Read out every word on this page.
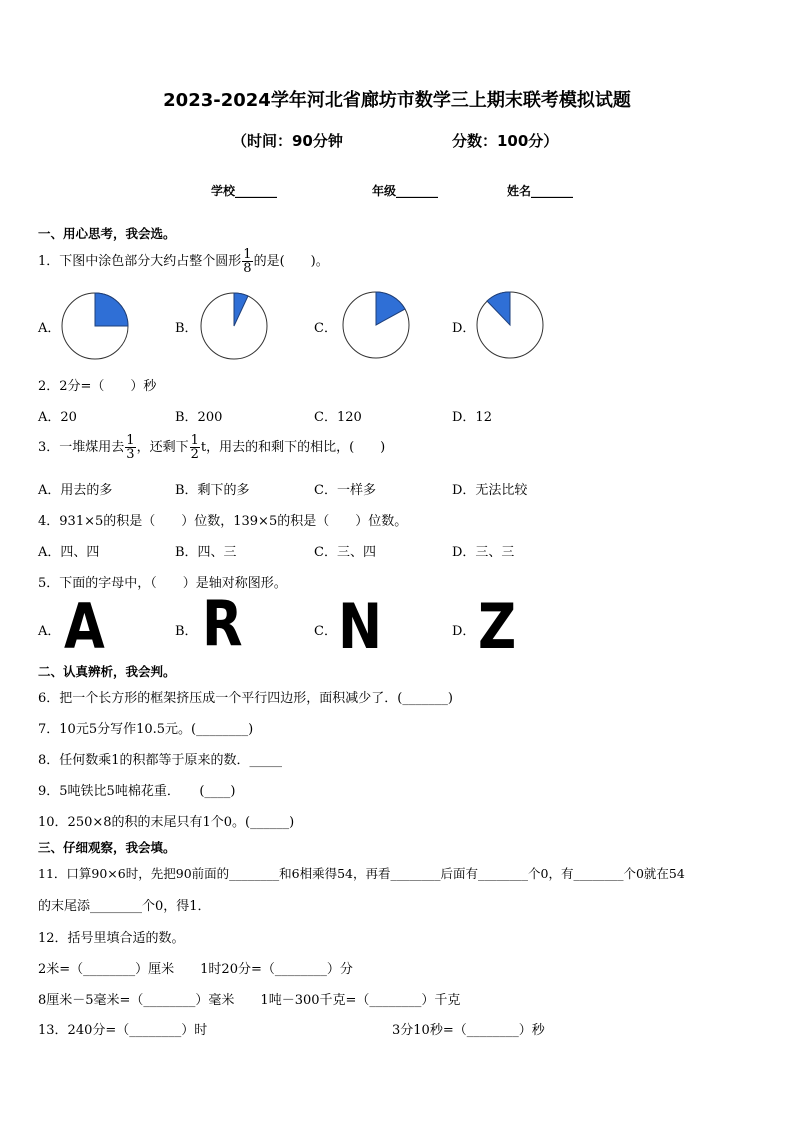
2023-2024学年河北省廊坊市数学三上期末联考模拟试题
（时间：90分钟	分数：100分）
学校_______	年级_______	姓名_______
一、用心思考，我会选。
1．下图中涂色部分大约占整个圆形 $\frac{1}{8}$ 的是(　　)。
A．	B．	C．	D．
2．2分=（　　）秒
A．20	B．200	C．120	D．12
3．一堆煤用去 $\frac{1}{3}$ ，还剩下 $\frac{1}{2}$ t，用去的和剩下的相比，(　　)
A．用去的多	B．剩下的多	C．一样多	D．无法比较
4．931×5的积是（　　）位数，139×5的积是（　　）位数。
A．四、四	B．四、三	C．三、四	D．三、三
5．下面的字母中，（　　）是轴对称图形。
A．	B．	C．	D．
A R N Z
二、认真辨析，我会判。
6．把一个长方形的框架挤压成一个平行四边形，面积减少了．(_______)
7．10元5分写作10.5元。(________)
8．任何数乘1的积都等于原来的数．_____
9．5吨铁比5吨棉花重．　　(____)
10．250×8的积的末尾只有1个0。(______)
三、仔细观察，我会填。
11．口算90×6时，先把90前面的________和6相乘得54，再看________后面有________个0，有________个0就在54
的末尾添________个0，得1．
12．括号里填合适的数。
2米=（________）厘米　　1时20分=（________）分
8厘米－5毫米=（________）毫米　　1吨－300千克=（________）千克
13．240分=（________）时	3分10秒=（________）秒
